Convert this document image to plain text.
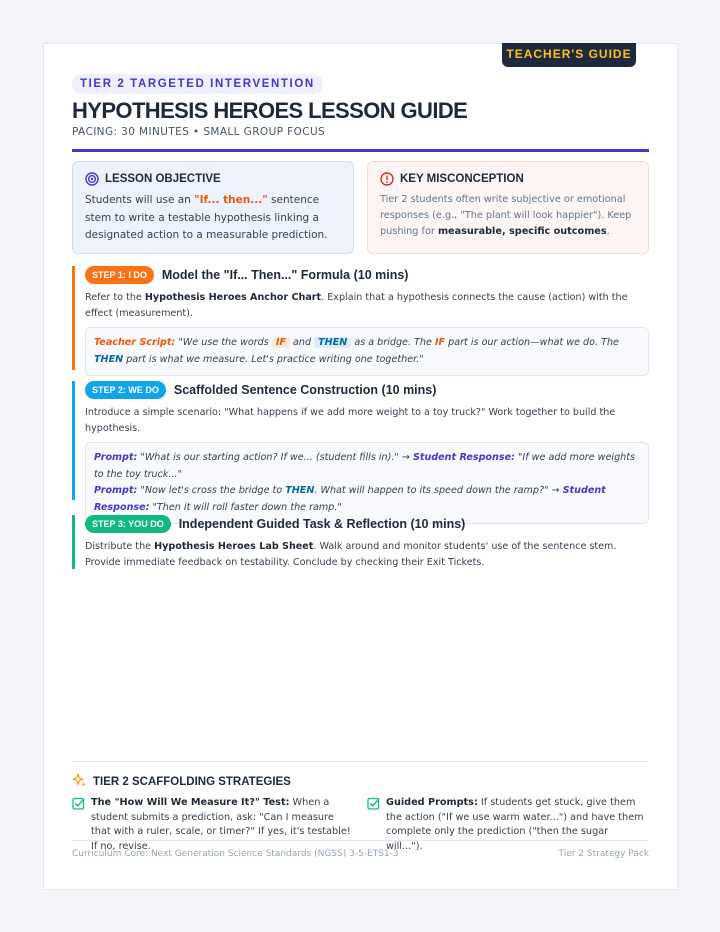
TEACHER'S GUIDE
TIER 2 TARGETED INTERVENTION
HYPOTHESIS HEROES LESSON GUIDE
PACING: 30 MINUTES • SMALL GROUP FOCUS
LESSON OBJECTIVE
Students will use an "If... then..." sentence stem to write a testable hypothesis linking a designated action to a measurable prediction.
KEY MISCONCEPTION
Tier 2 students often write subjective or emotional responses (e.g., "The plant will look happier"). Keep pushing for measurable, specific outcomes.
STEP 1: I DO	Model the "If... Then..." Formula (10 mins)
Refer to the Hypothesis Heroes Anchor Chart. Explain that a hypothesis connects the cause (action) with the effect (measurement).
Teacher Script: "We use the words IF and THEN as a bridge. The IF part is our action—what we do. The THEN part is what we measure. Let's practice writing one together."
STEP 2: WE DO	Scaffolded Sentence Construction (10 mins)
Introduce a simple scenario: "What happens if we add more weight to a toy truck?" Work together to build the hypothesis.
Prompt: "What is our starting action? If we... (student fills in)." → Student Response: "If we add more weights to the toy truck..."
Prompt: "Now let's cross the bridge to THEN. What will happen to its speed down the ramp?" → Student Response: "Then it will roll faster down the ramp."
STEP 3: YOU DO	Independent Guided Task & Reflection (10 mins)
Distribute the Hypothesis Heroes Lab Sheet. Walk around and monitor students' use of the sentence stem. Provide immediate feedback on testability. Conclude by checking their Exit Tickets.
TIER 2 SCAFFOLDING STRATEGIES
The "How Will We Measure It?" Test: When a student submits a prediction, ask: "Can I measure that with a ruler, scale, or timer?" If yes, it's testable! If no, revise.
Guided Prompts: If students get stuck, give them the action ("If we use warm water...") and have them complete only the prediction ("then the sugar will...").
Curriculum Core: Next Generation Science Standards (NGSS) 3-5-ETS1-3	Tier 2 Strategy Pack
